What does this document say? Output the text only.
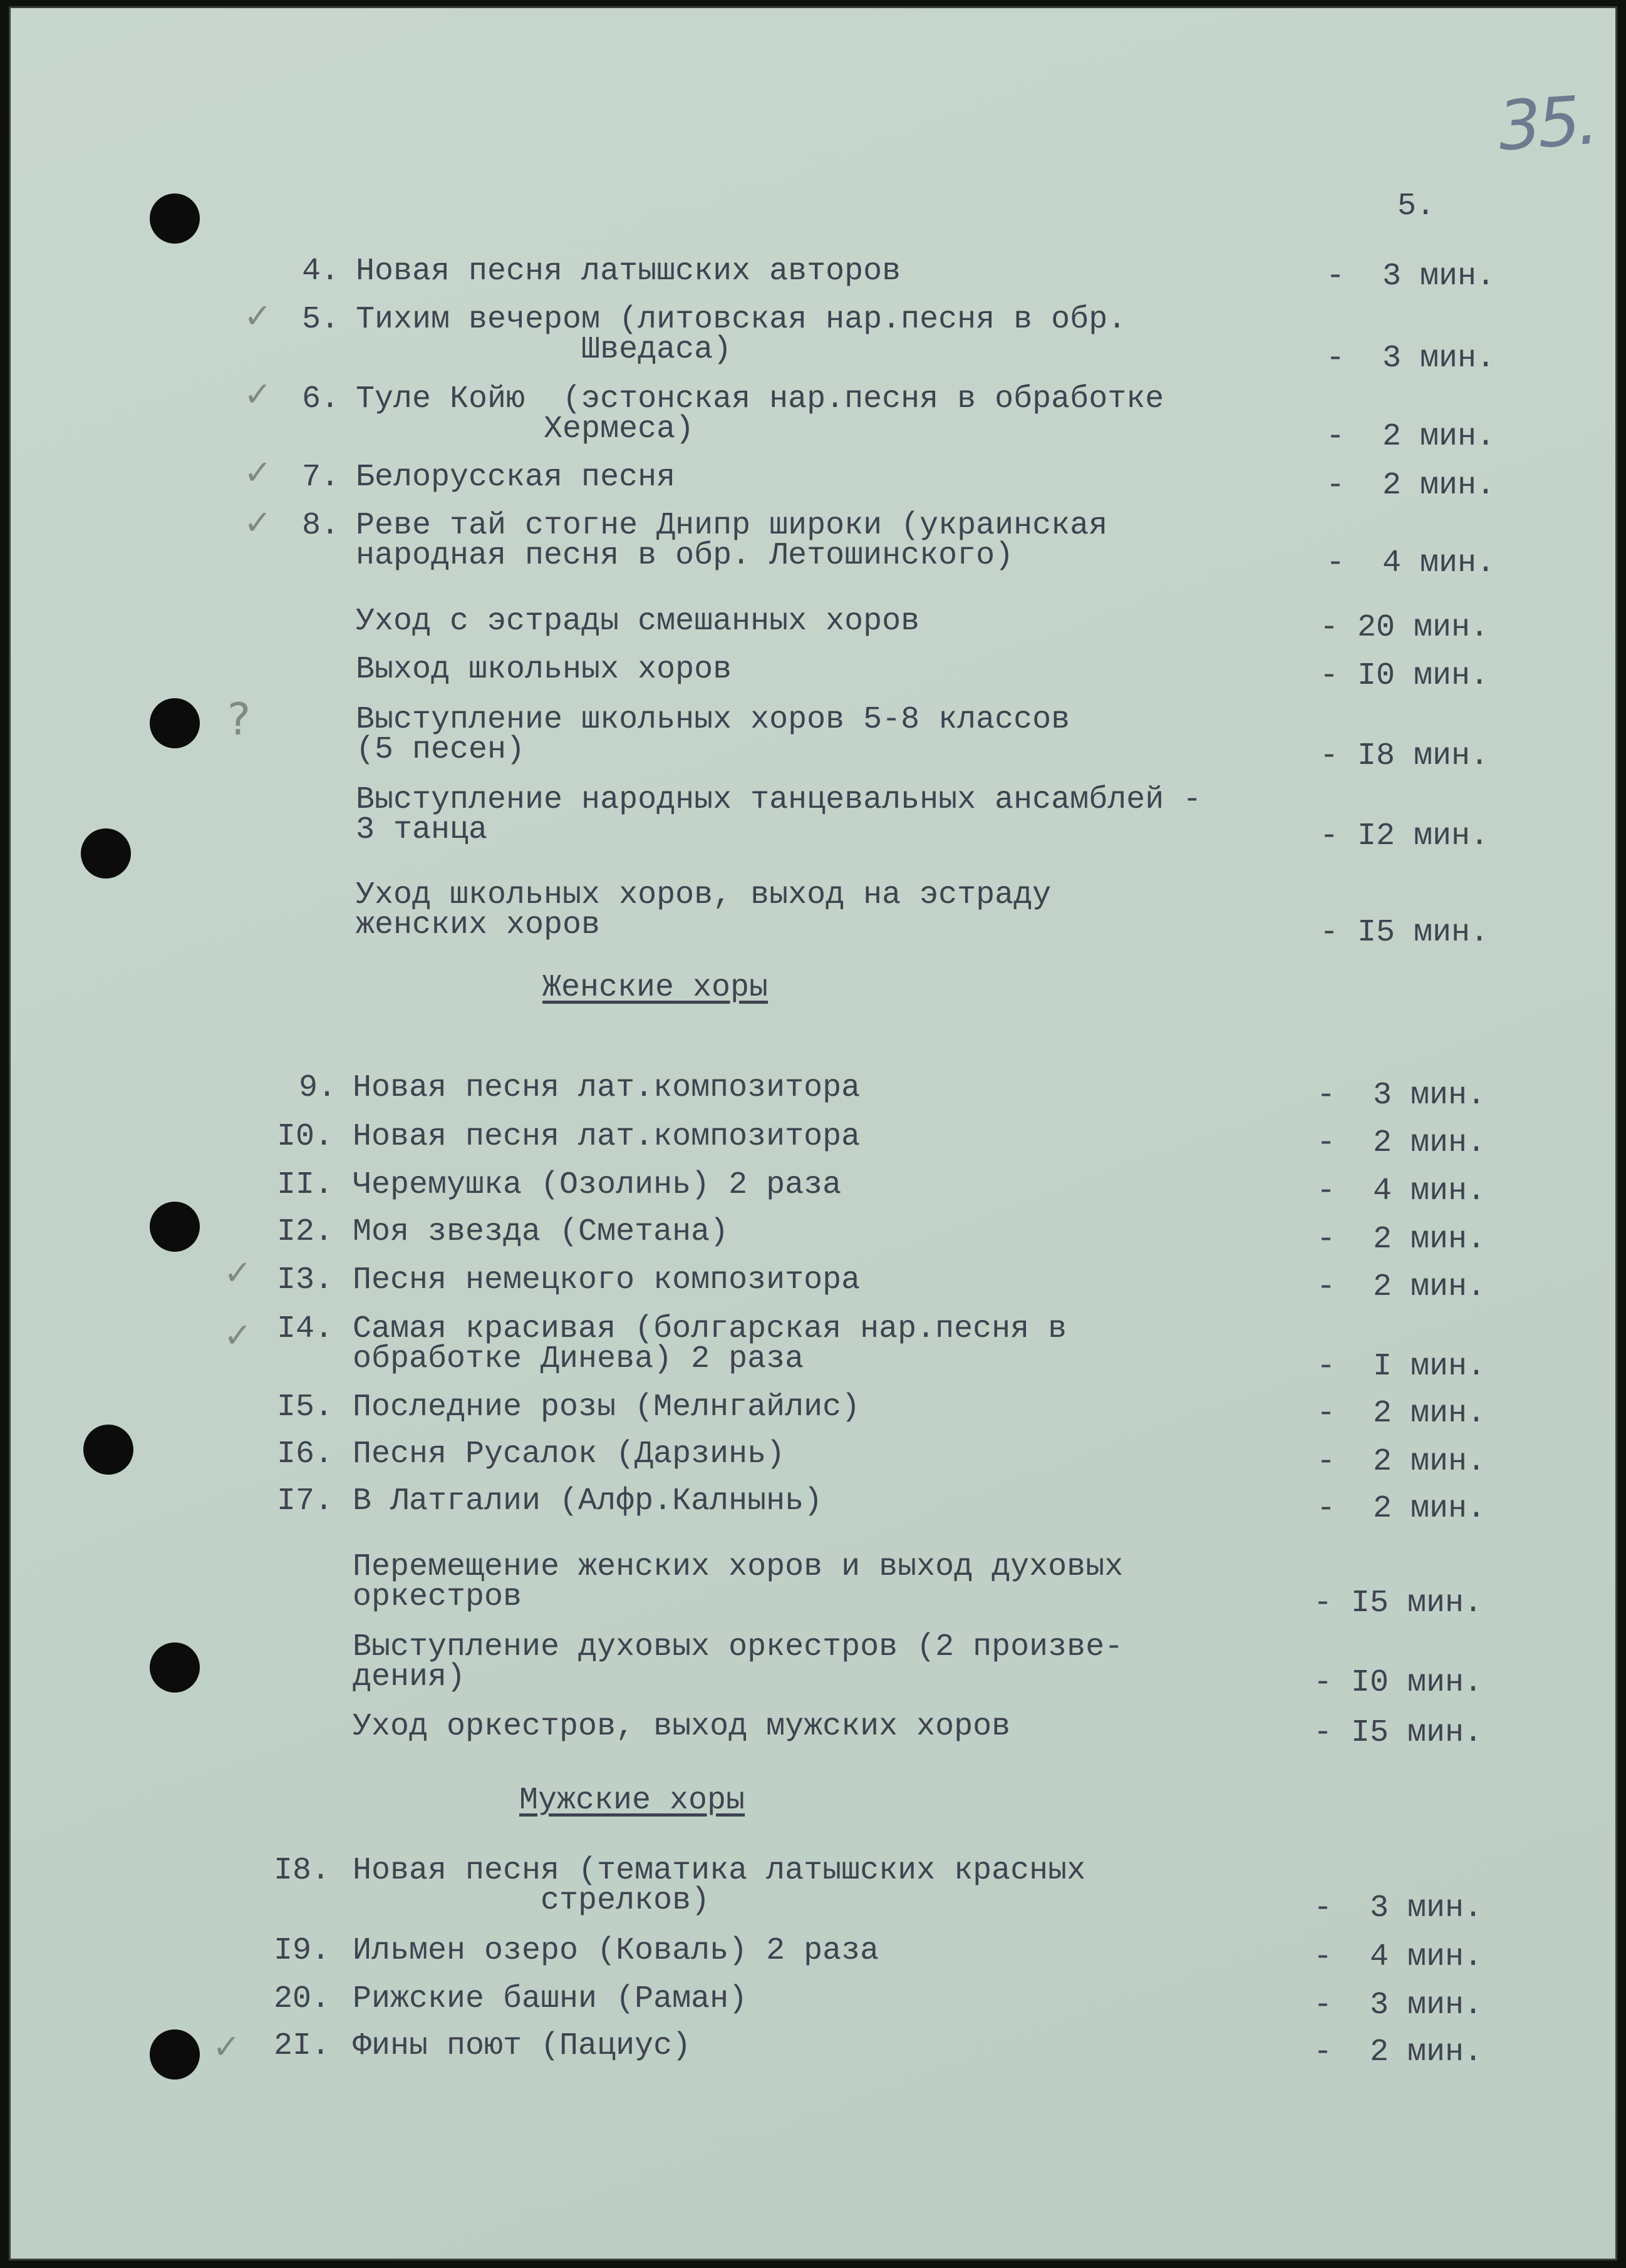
35.
✓
✓
✓
✓
?
✓
✓
✓
5.
Женские хоры
Мужские хоры
4. Новая песня латышских авторов	-  3 мин.
5. Тихим вечером (литовская нар.песня в обр.
Шведаса)	-  3 мин.
6. Туле Койю  (эстонская нар.песня в обработке
Хермеса)	-  2 мин.
7. Белорусская песня	-  2 мин.
8. Реве тай стогне Днипр широки (украинская
народная песня в обр. Летошинского)	-  4 мин.
Уход с эстрады смешанных хоров	- 20 мин.
Выход школьных хоров	- I0 мин.
Выступление школьных хоров 5-8 классов
(5 песен)	- I8 мин.
Выступление народных танцевальных ансамблей -
3 танца	- I2 мин.
Уход школьных хоров, выход на эстраду
женских хоров	- I5 мин.
9. Новая песня лат.композитора	-  3 мин.
I0. Новая песня лат.композитора	-  2 мин.
II. Черемушка (Озолинь) 2 раза	-  4 мин.
I2. Моя звезда (Сметана)	-  2 мин.
I3. Песня немецкого композитора	-  2 мин.
I4. Самая красивая (болгарская нар.песня в
обработке Динева) 2 раза	-  I мин.
I5. Последние розы (Мелнгайлис)	-  2 мин.
I6. Песня Русалок (Дарзинь)	-  2 мин.
I7. В Латгалии (Алфр.Калнынь)	-  2 мин.
Перемещение женских хоров и выход духовых
оркестров	- I5 мин.
Выступление духовых оркестров (2 произве-
дения)	- I0 мин.
Уход оркестров, выход мужских хоров	- I5 мин.
I8. Новая песня (тематика латышских красных
стрелков)	-  3 мин.
I9. Ильмен озеро (Коваль) 2 раза	-  4 мин.
20. Рижские башни (Раман)	-  3 мин.
2I. Фины поют (Пациус)	-  2 мин.
